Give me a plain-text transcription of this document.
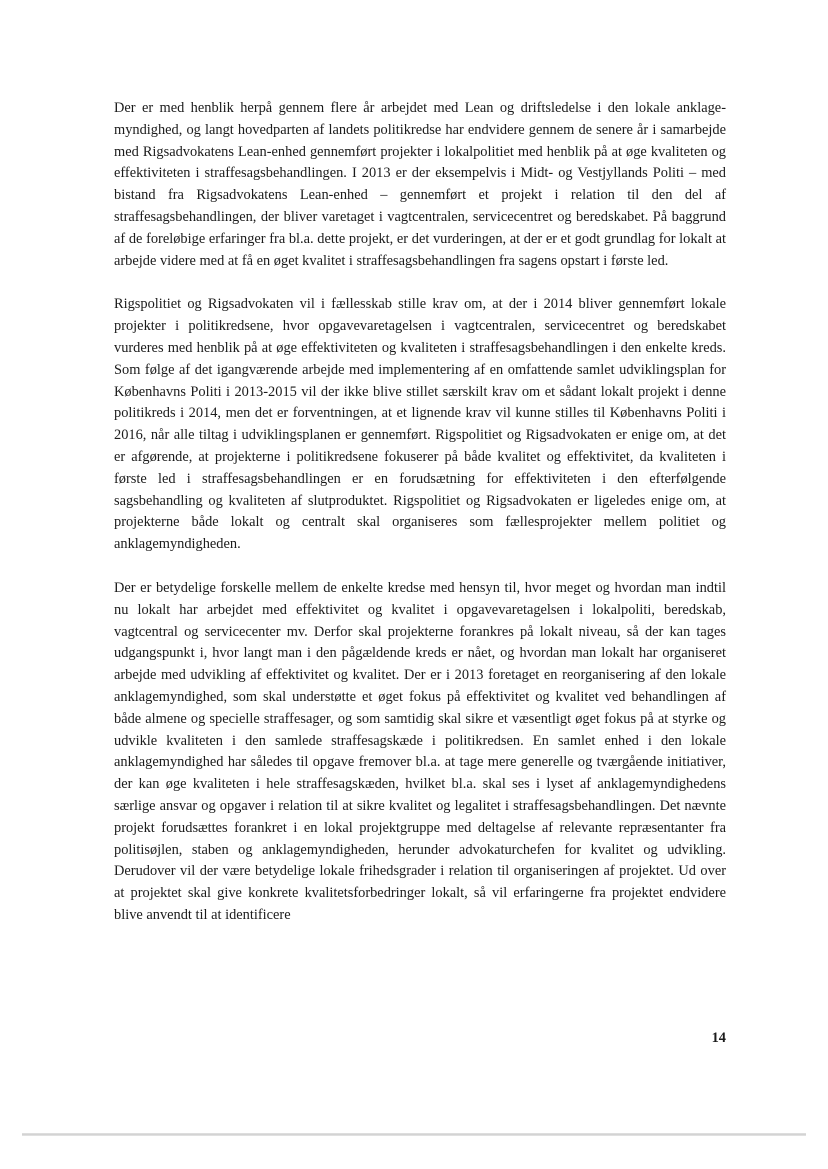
Der er med henblik herpå gennem flere år arbejdet med Lean og driftsledelse i den lokale anklagemyndighed, og langt hovedparten af landets politikredse har endvidere gennem de senere år i samarbejde med Rigsadvokatens Lean-enhed gennemført projekter i lokalpolitiet med henblik på at øge kvaliteten og effektiviteten i straffesagsbehandlingen. I 2013 er der eksempelvis i Midt- og Vestjyllands Politi – med bistand fra Rigsadvokatens Lean-enhed – gennemført et projekt i relation til den del af straffesagsbehandlingen, der bliver varetaget i vagtcentralen, servicecentret og beredskabet. På baggrund af de foreløbige erfaringer fra bl.a. dette projekt, er det vurderingen, at der er et godt grundlag for lokalt at arbejde videre med at få en øget kvalitet i straffesagsbehandlingen fra sagens opstart i første led.

Rigspolitiet og Rigsadvokaten vil i fællesskab stille krav om, at der i 2014 bliver gennemført lokale projekter i politikredsene, hvor opgavevaretagelsen i vagtcentralen, servicecentret og beredskabet vurderes med henblik på at øge effektiviteten og kvaliteten i straffesagsbehandlingen i den enkelte kreds. Som følge af det igangværende arbejde med implementering af en omfattende samlet udviklingsplan for Københavns Politi i 2013-2015 vil der ikke blive stillet særskilt krav om et sådant lokalt projekt i denne politikreds i 2014, men det er forventningen, at et lignende krav vil kunne stilles til Københavns Politi i 2016, når alle tiltag i udviklingsplanen er gennemført. Rigspolitiet og Rigsadvokaten er enige om, at det er afgørende, at projekterne i politikredsene fokuserer på både kvalitet og effektivitet, da kvaliteten i første led i straffesagsbehandlingen er en forudsætning for effektiviteten i den efterfølgende sagsbehandling og kvaliteten af slutproduktet. Rigspolitiet og Rigsadvokaten er ligeledes enige om, at projekterne både lokalt og centralt skal organiseres som fællesprojekter mellem politiet og anklagemyndigheden.

Der er betydelige forskelle mellem de enkelte kredse med hensyn til, hvor meget og hvordan man indtil nu lokalt har arbejdet med effektivitet og kvalitet i opgavevaretagelsen i lokalpoliti, beredskab, vagtcentral og servicecenter mv. Derfor skal projekterne forankres på lokalt niveau, så der kan tages udgangspunkt i, hvor langt man i den pågældende kreds er nået, og hvordan man lokalt har organiseret arbejde med udvikling af effektivitet og kvalitet. Der er i 2013 foretaget en reorganisering af den lokale anklagemyndighed, som skal understøtte et øget fokus på effektivitet og kvalitet ved behandlingen af både almene og specielle straffesager, og som samtidig skal sikre et væsentligt øget fokus på at styrke og udvikle kvaliteten i den samlede straffesagskæde i politikredsen. En samlet enhed i den lokale anklagemyndighed har således til opgave fremover bl.a. at tage mere generelle og tværgående initiativer, der kan øge kvaliteten i hele straffesagskæden, hvilket bl.a. skal ses i lyset af anklagemyndighedens særlige ansvar og opgaver i relation til at sikre kvalitet og legalitet i straffesagsbehandlingen. Det nævnte projekt forudsættes forankret i en lokal projektgruppe med deltagelse af relevante repræsentanter fra politisøjlen, staben og anklagemyndigheden, herunder advokaturchefen for kvalitet og udvikling. Derudover vil der være betydelige lokale frihedsgrader i relation til organiseringen af projektet. Ud over at projektet skal give konkrete kvalitetsforbedringer lokalt, så vil erfaringerne fra projektet endvidere blive anvendt til at identificere

14
